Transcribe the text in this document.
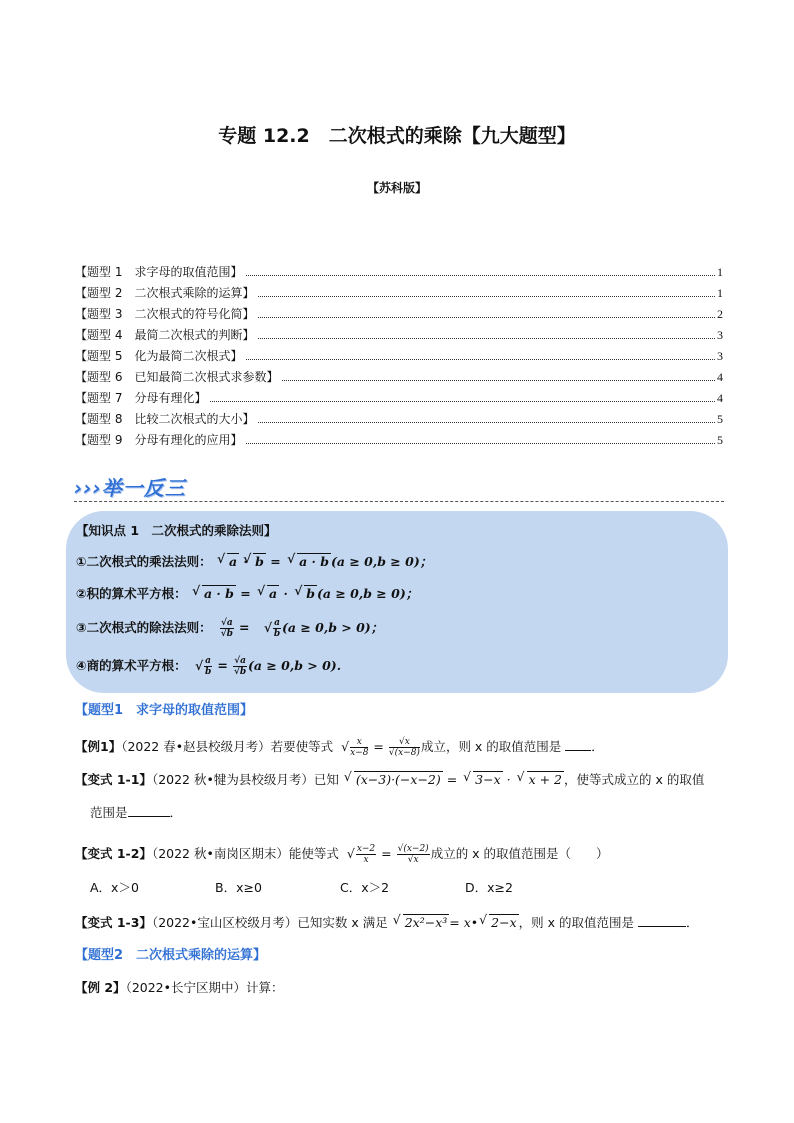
专题 12.2　二次根式的乘除【九大题型】
【苏科版】
【题型 1　求字母的取值范围】	1
【题型 2　二次根式乘除的运算】	1
【题型 3　二次根式的符号化简】	2
【题型 4　最简二次根式的判断】	3
【题型 5　化为最简二次根式】	3
【题型 6　已知最简二次根式求参数】	4
【题型 7　分母有理化】	4
【题型 8　比较二次根式的大小】	5
【题型 9　分母有理化的应用】	5
›››举一反三
【知识点 1　二次根式的乘除法则】
①二次根式的乘法法则： √ a · √ b = √ a · b (a ≥ 0,b ≥ 0)；
②积的算术平方根： √ a · b = √ a · √ b (a ≥ 0,b ≥ 0)；
③二次根式的除法法则： $\frac{√a}{√b}$ = √ $\frac{a}{b} (a \ge 0,b > 0)$；
④商的算术平方根： √ $\frac{a}{b} = \frac{√a}{√b} (a \ge 0,b > 0)$.
【题型1　求字母的取值范围】
【例1】（2022 春•赵县校级月考）若要使等式 √ $\frac{x}{x-8} = \frac{√x}{√(x-8)}$ 成立，则 x 的取值范围是 ．
【变式 1-1】（2022 秋•犍为县校级月考）已知 √ (x−3)·(−x−2) = √ 3−x · √ x + 2 ，使等式成立的 x 的取值
范围是	．
【变式 1-2】（2022 秋•南岗区期末）能使等式 √ $\frac{x-2}{x} = \frac{√(x-2)}{√x}$ 成立的 x 的取值范围是（　　）
A．x＞0	B．x≥0	C．x＞2	D．x≥2
【变式 1-3】（2022•宝山区校级月考）已知实数 x 满足 √ 2x²−x³ = x• √ 2−x ，则 x 的取值范围是	．
【题型2　二次根式乘除的运算】
【例 2】（2022•长宁区期中）计算：
